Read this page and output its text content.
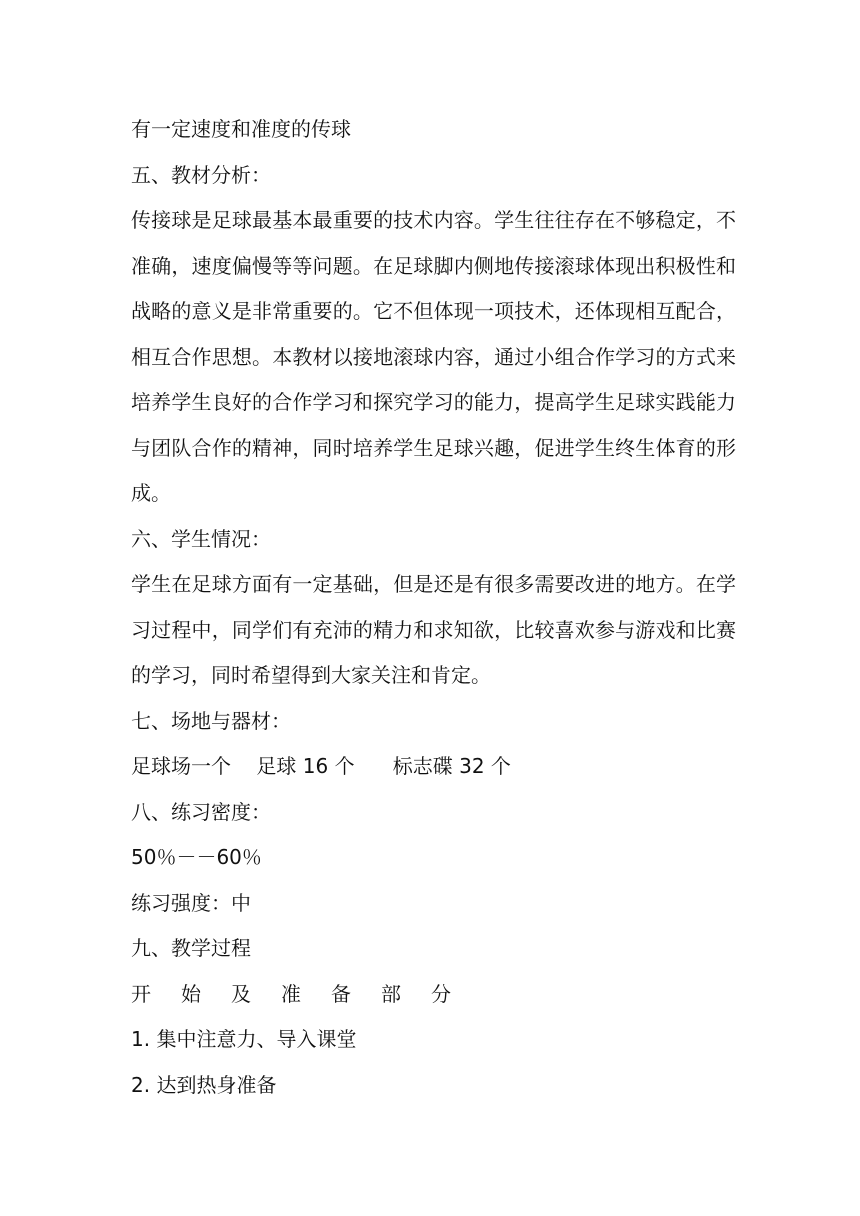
有一定速度和准度的传球
五、教材分析：
传接球是足球最基本最重要的技术内容。学生往往存在不够稳定，不准确，速度偏慢等等问题。在足球脚内侧地传接滚球体现出积极性和战略的意义是非常重要的。它不但体现一项技术，还体现相互配合，相互合作思想。本教材以接地滚球内容，通过小组合作学习的方式来培养学生良好的合作学习和探究学习的能力，提高学生足球实践能力与团队合作的精神，同时培养学生足球兴趣，促进学生终生体育的形成。
六、学生情况：
学生在足球方面有一定基础，但是还是有很多需要改进的地方。在学习过程中，同学们有充沛的精力和求知欲，比较喜欢参与游戏和比赛的学习，同时希望得到大家关注和肯定。
七、场地与器材：
足球场一个    足球 16 个      标志碟 32 个
八、练习密度：
50％－－60％
练习强度：中
九、教学过程
开始及准备部分
1. 集中注意力、导入课堂
2. 达到热身准备
